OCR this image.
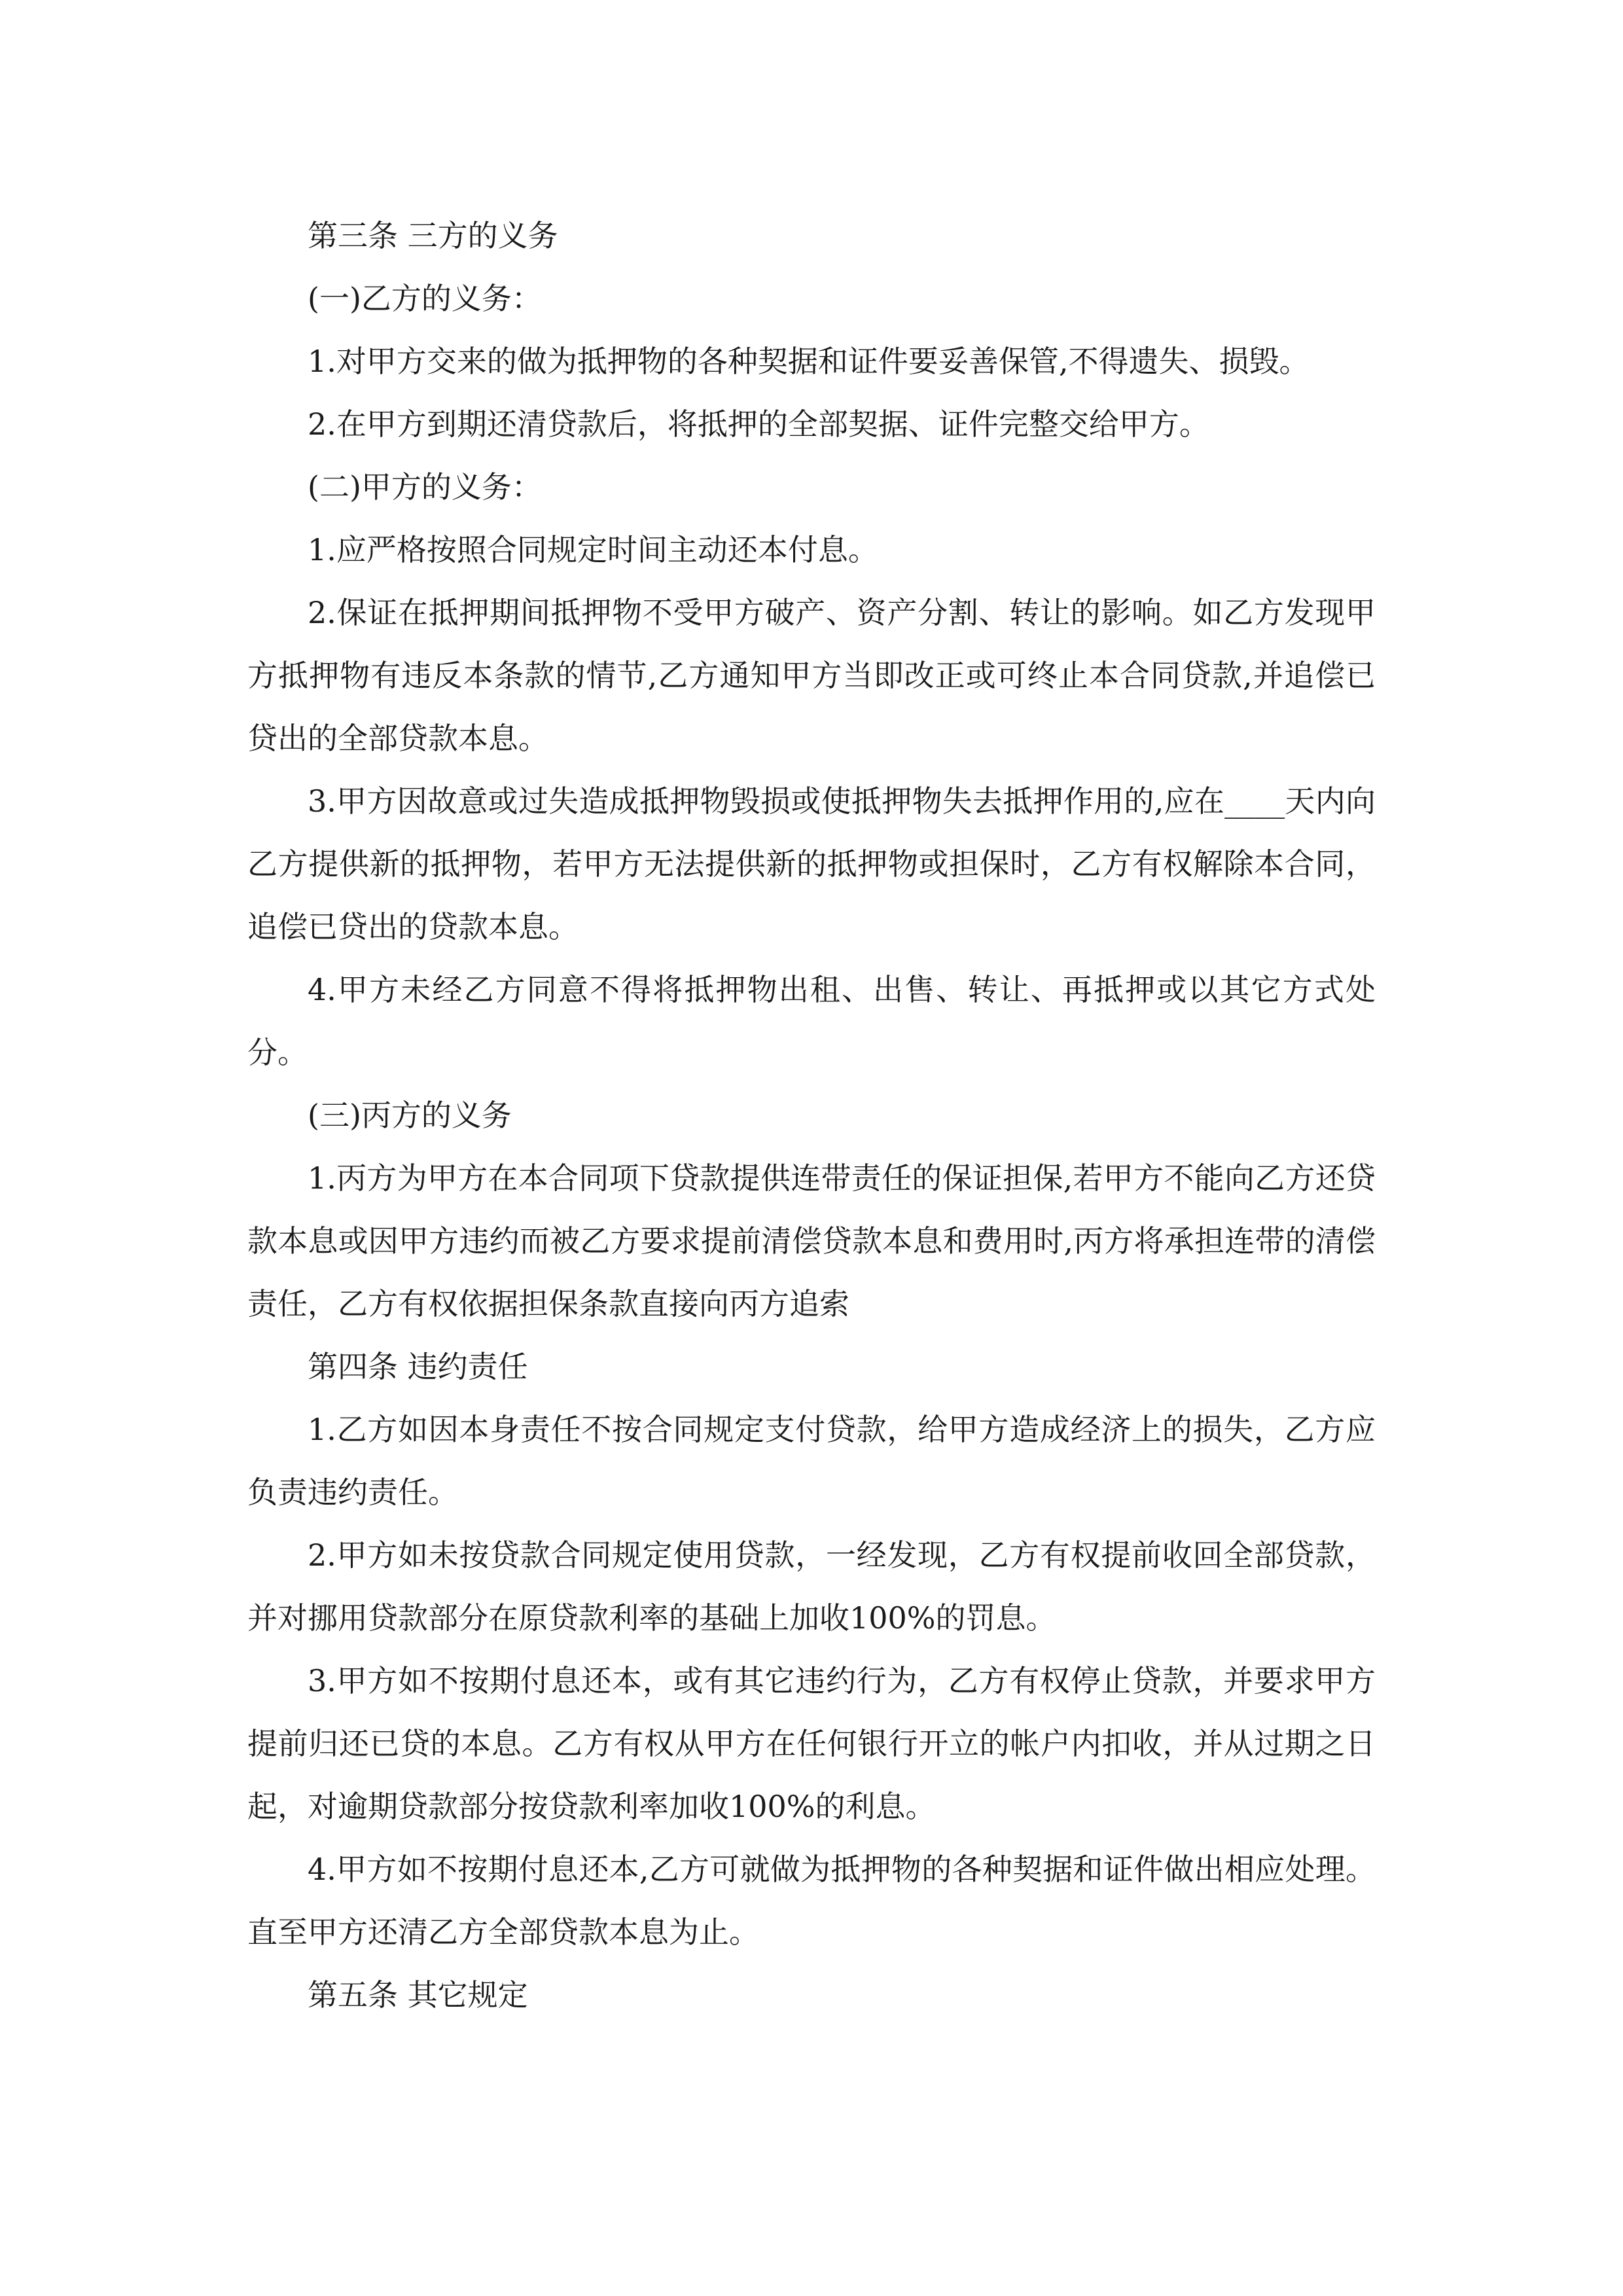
第三条 三方的义务

(一)乙方的义务：

1.对甲方交来的做为抵押物的各种契据和证件要妥善保管,不得遗失、损毁。

2.在甲方到期还清贷款后，将抵押的全部契据、证件完整交给甲方。

(二)甲方的义务：

1.应严格按照合同规定时间主动还本付息。

2.保证在抵押期间抵押物不受甲方破产、资产分割、转让的影响。如乙方发现甲方抵押物有违反本条款的情节,乙方通知甲方当即改正或可终止本合同贷款,并追偿已贷出的全部贷款本息。

3.甲方因故意或过失造成抵押物毁损或使抵押物失去抵押作用的,应在____天内向乙方提供新的抵押物，若甲方无法提供新的抵押物或担保时，乙方有权解除本合同，追偿已贷出的贷款本息。

4.甲方未经乙方同意不得将抵押物出租、出售、转让、再抵押或以其它方式处分。

(三)丙方的义务

1.丙方为甲方在本合同项下贷款提供连带责任的保证担保,若甲方不能向乙方还贷款本息或因甲方违约而被乙方要求提前清偿贷款本息和费用时,丙方将承担连带的清偿责任，乙方有权依据担保条款直接向丙方追索

第四条 违约责任

1.乙方如因本身责任不按合同规定支付贷款，给甲方造成经济上的损失，乙方应负责违约责任。

2.甲方如未按贷款合同规定使用贷款，一经发现，乙方有权提前收回全部贷款，并对挪用贷款部分在原贷款利率的基础上加收100%的罚息。

3.甲方如不按期付息还本，或有其它违约行为，乙方有权停止贷款，并要求甲方提前归还已贷的本息。乙方有权从甲方在任何银行开立的帐户内扣收，并从过期之日起，对逾期贷款部分按贷款利率加收100%的利息。

4.甲方如不按期付息还本,乙方可就做为抵押物的各种契据和证件做出相应处理。直至甲方还清乙方全部贷款本息为止。

第五条 其它规定
